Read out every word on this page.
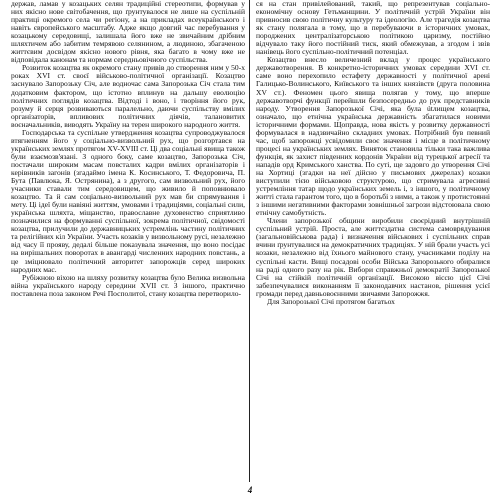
держав, ламав у козацьких селян традиційні стереотипи, формував у них якісно нове світобачення, що ґрунтувалося не лише на суспільній практиці окремого села чи регіону, а на прикладах всеукраїнського і навіть європейського масштабу. Адже якщо довгий час перебування у козацькому середовищі, залишала його вже не звичайним дрібним шляхтичем або забитим темрявою селянином, а людиною, збагаченою життєвим досвідом якісно нового рівня, яка багато в чому вже не відповідала канонам та нормам середньовічного суспільства.

Розвиток козацтва як окремого стану привів до створення ним у 50-х роках XVI ст. своєї військово-політичної організації. Козацтво заснувало Запорозьку Січ, але водночас сама Запорозька Січ стала тим додатковим фактором, що істотно вплинув на дальшу еволюцію політичних поглядів козацтва. Відтоді і воно, і творіння його рук, розуму й серця розвиваються паралельно, даючи суспільству вмілих організаторів, впливових політичних діячів, талановитих воєначальників, виводять Україну на терен широкого народного життя.

Господарська та суспільне утвердження козацтва супроводжувалося втягненням його у соціально-визвольний рух, що розгортався на українських землях протягом XV-XVIII ст. Ці два соціальні явища також були взаємозв'язані. З одного боку, саме козацтво, Запорозька Січ, постачали широким масам повсталих кадри вмілих організаторів і керівників загонів (згадаймо імена К. Косинського, Т. Федоровича, П. Бута (Павлюка, Я. Острянина), а з другого, сам визвольний рух, його учасники ставали тим середовищем, що живило й поповнювало козацтво. Та й сам соціально-визвольний рух мав би спрямування і мету. Ці ідеї були навіяні життям, умовами і традиціями, соціальні сили, українська шляхта, міщанство, православне духовенство сприятливо позначилися на формуванні суспільної, зокрема політичної, свідомості козацтва, прилучили до державницьких устремлінь частину політичних та релігійних кіл України. Участь козаків у визвольному русі, незалежно від часу її прояву, дедалі більше показувала значення, що воно посідає на вирішальних поворотах в авангарді численних народних повстань, а це зміцнювало політичний авторитет запорожців серед широких народних мас.

Рубіжною віхою на шляху розвитку козацтва було Велика визвольна війна українського народу середини XVII ст. З іншого, практично поставлена поза законом Речі Посполитої, стану козацтва перетворило-

ся на стан привілейований, такий, що репрезентував соціально-економічну основу Гетьманщини. У політичній устрій України він привносив свою політичну культуру та ідеологію. Але трагедія козацтва як стану полягала в тому, що в перебуваючи в історичних умовах, породжених централізаторською політикою царизму, постійно відчувало таку його постійний тиск, який обмежував, а згодом і звів нанівець його суспільно-політичний потенціал.

Козацтво внесло величезний вклад у процес українського державотворення. В конкретно-історичних умовах середини XVI ст. саме воно перехопило естафету державності у політичної арені Галицько-Волинського, Київського та інших князівств (друга половина XV ст.). Феномен цього явища полягав у тому, що вперше державотворчі функції перейшли безпосередньо до рук представників народу. Утворення Запорозької Січі, яка була útлищем козацтва, означало, що етнічна українська державність збагатилася новими історичними формами. Щоправда, нова якість у розвитку державності формувалася в надзвичайно складних умовах. Потрібний був певний час, щоб запорожці усвідомили своє значення і місце в політичному процесі на українських землях. Виняток становила тільки така важлива функція, як захист південних кордонів України від турецької агресії та нападів орд Кримського ханства. По суті, ще задовго до утворення Січі на Хортиці (згадки на неї дійсно у письмових джерелах) козаки виступили тією військовою структурою, що стримувала агресивні устремління татар щодо українських земель і, з іншого, у політичному житті стала гарантом того, що в боротьбі з ними, а також у протистоянні з іншими негативними факторами зовнішньої загрози відстоювала свою етнічну самобутність.

Члени запорозької общини виробили своєрідний внутрішній суспільний устрій. Проста, але життєздатна система самоврядування (загальновійськова рада) і визначення військових і суспільних справ вчини ґрунтувалися на демократичних традиціях. У ній брали участь усі козаки, незалежно від їхнього майнового стану, учасниками поділу на суспільні касти. Вищі посадові особи Війська Запорозького обиралися на раді одного разу на рік. Вибори справжньої демократії Запорозької Січі на стійкій політичній організації. Високою віссю цієї Січі забезпечувалися виконанням її законодавчих настанов, рішення усієї громади перед давньовоєнними звичаями Запорожжя.

Для Запорозької Січі протягом багатьох

4
